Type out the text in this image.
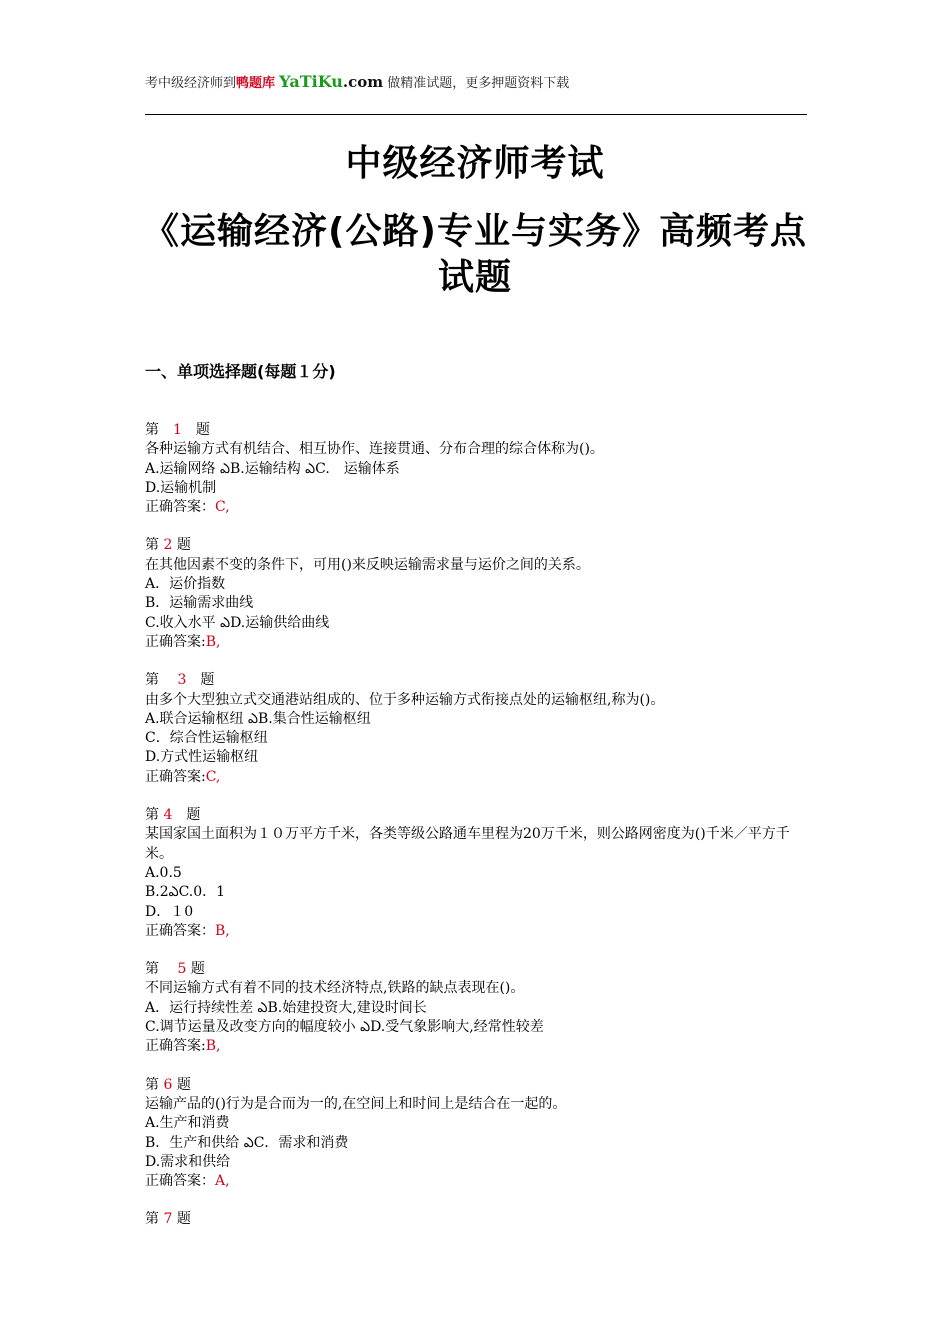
考中级经济师到鸭题库 YaTiKu.com 做精准试题，更多押题资料下载
中级经济师考试
《运输经济(公路)专业与实务》高频考点试题
一、单项选择题(每题１分)
第　1　题
各种运输方式有机结合、相互协作、连接贯通、分布合理的综合体称为()。
A.运输网络 ఎB.运输结构 ఎC.　运输体系
D.运输机制
正确答案：C,
第 2 题
在其他因素不变的条件下，可用()来反映运输需求量与运价之间的关系。
A．运价指数
B．运输需求曲线
C.收入水平 ఎD.运输供给曲线
正确答案:B,
第　 3　题
由多个大型独立式交通港站组成的、位于多种运输方式衔接点处的运输枢纽,称为()。
A.联合运输枢纽 ఎB.集合性运输枢纽
C．综合性运输枢纽
D.方式性运输枢纽
正确答案:C,
第 4　题
某国家国土面积为１０万平方千米，各类等级公路通车里程为20万千米，则公路网密度为()千米／平方千米。
A.0.5
B.2ఎC.0．1
D．１0
正确答案：B,
第　 5 题
不同运输方式有着不同的技术经济特点,铁路的缺点表现在()。
A．运行持续性差 ఎB.始建投资大,建设时间长
C.调节运量及改变方向的幅度较小 ఎD.受气象影响大,经常性较差
正确答案:B,
第 6 题
运输产品的()行为是合而为一的,在空间上和时间上是结合在一起的。
A.生产和消费
B．生产和供给 ఎC．需求和消费
D.需求和供给
正确答案：A,
第 7 题
